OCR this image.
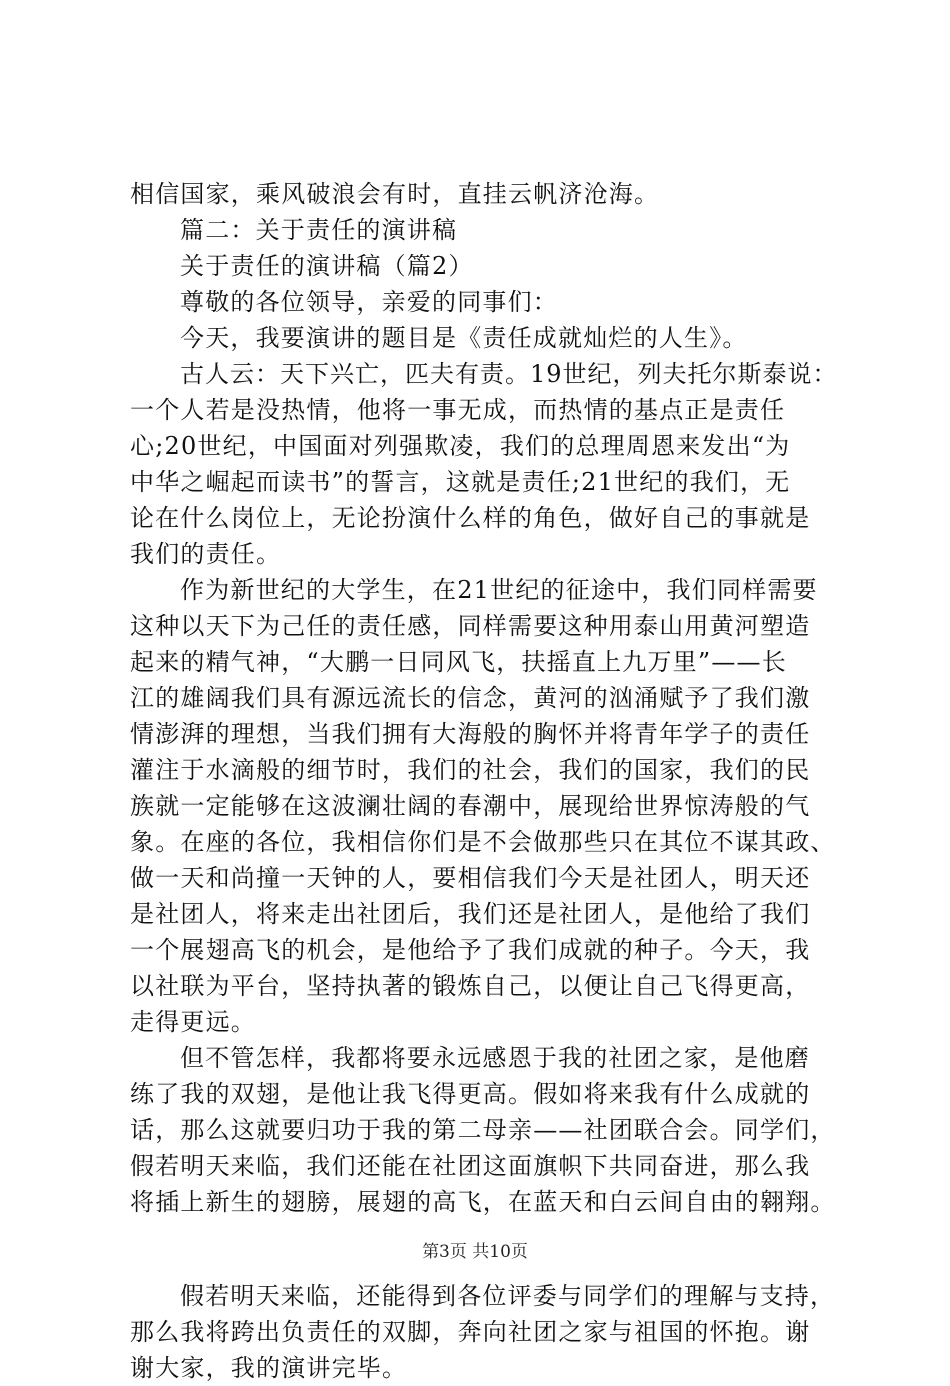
相信国家，乘风破浪会有时，直挂云帆济沧海。
篇二：关于责任的演讲稿
关于责任的演讲稿（篇2）
尊敬的各位领导，亲爱的同事们：
今天，我要演讲的题目是《责任成就灿烂的人生》。
古人云：天下兴亡，匹夫有责。19世纪，列夫托尔斯泰说：
一个人若是没热情，他将一事无成，而热情的基点正是责任
心;20世纪，中国面对列强欺凌，我们的总理周恩来发出“为
中华之崛起而读书”的誓言，这就是责任;21世纪的我们，无
论在什么岗位上，无论扮演什么样的角色，做好自己的事就是
我们的责任。
作为新世纪的大学生，在21世纪的征途中，我们同样需要
这种以天下为己任的责任感，同样需要这种用泰山用黄河塑造
起来的精气神，“大鹏一日同风飞，扶摇直上九万里”——长
江的雄阔我们具有源远流长的信念，黄河的汹涌赋予了我们激
情澎湃的理想，当我们拥有大海般的胸怀并将青年学子的责任
灌注于水滴般的细节时，我们的社会，我们的国家，我们的民
族就一定能够在这波澜壮阔的春潮中，展现给世界惊涛般的气
象。在座的各位，我相信你们是不会做那些只在其位不谋其政、
做一天和尚撞一天钟的人，要相信我们今天是社团人，明天还
是社团人，将来走出社团后，我们还是社团人，是他给了我们
一个展翅高飞的机会，是他给予了我们成就的种子。今天，我
以社联为平台，坚持执著的锻炼自己，以便让自己飞得更高，
走得更远。
但不管怎样，我都将要永远感恩于我的社团之家，是他磨
练了我的双翅，是他让我飞得更高。假如将来我有什么成就的
话，那么这就要归功于我的第二母亲——社团联合会。同学们，
假若明天来临，我们还能在社团这面旗帜下共同奋进，那么我
将插上新生的翅膀，展翅的高飞，在蓝天和白云间自由的翱翔。
假若明天来临，还能得到各位评委与同学们的理解与支持，
那么我将跨出负责任的双脚，奔向社团之家与祖国的怀抱。谢
谢大家，我的演讲完毕。
第3页 共10页
